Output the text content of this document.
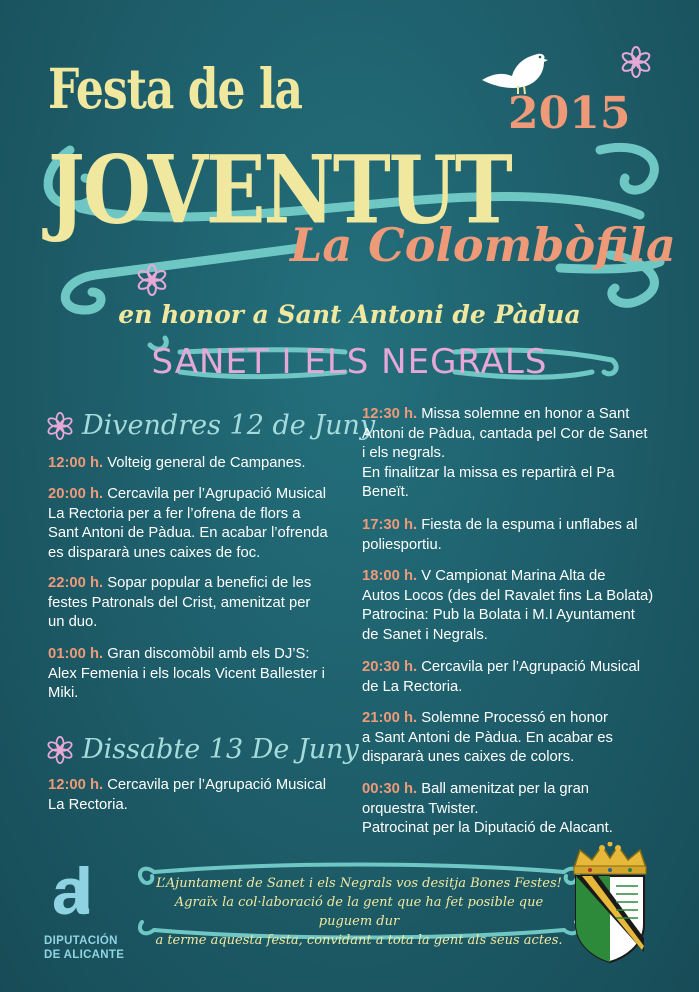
Festa de la	2015
JOVENTUT
La Colombòfila
en honor a Sant Antoni de Pàdua
SANET I ELS NEGRALS
Divendres 12 de Juny
12:00 h. Volteig general de Campanes.
20:00 h. Cercavila per l’Agrupació Musical
La Rectoria per a fer l’ofrena de flors a
Sant Antoni de Pàdua. En acabar l’ofrenda
es dispararà unes caixes de foc.
22:00 h. Sopar popular a benefici de les
festes Patronals del Crist, amenitzat per
un duo.
01:00 h. Gran discomòbil amb els DJ’S:
Alex Femenia i els locals Vicent Ballester i
Miki.
Dissabte 13 De Juny
12:00 h. Cercavila per l’Agrupació Musical
La Rectoria.
12:30 h. Missa solemne en honor a Sant
Antoni de Pàdua, cantada pel Cor de Sanet
i els negrals.
En finalitzar la missa es repartirà el Pa
Beneït.
17:30 h. Fiesta de la espuma i unflabes al
poliesportiu.
18:00 h. V Campionat Marina Alta de
Autos Locos (des del Ravalet fins La Bolata)
Patrocina: Pub la Bolata i M.I Ayuntament
de Sanet i Negrals.
20:30 h. Cercavila per l’Agrupació Musical
de La Rectoria.
21:00 h. Solemne Processó en honor
a Sant Antoni de Pàdua. En acabar es
dispararà unes caixes de colors.
00:30 h. Ball amenitzat per la gran
orquestra Twister.
Patrocinat per la Diputació de Alacant.
L’Ajuntament de Sanet i els Negrals vos desitja Bones Festes!
Agraïx la col·laboració de la gent que ha fet posible que puguem dur
a terme aquesta festa, convidant a tota la gent als seus actes.
al
DIPUTACIÓN
DE ALICANTE
